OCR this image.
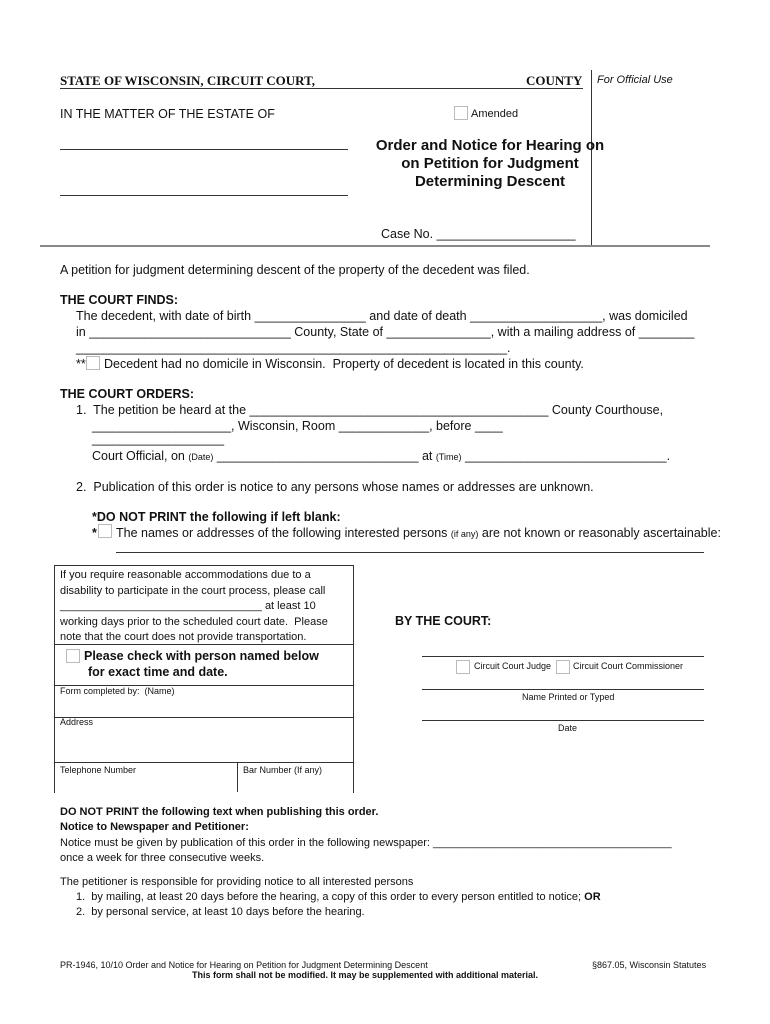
STATE OF WISCONSIN, CIRCUIT COURT,	COUNTY For Official Use
IN THE MATTER OF THE ESTATE OF	Amended
Order and Notice for Hearing on on Petition for Judgment Determining Descent
Case No. ____________________
A petition for judgment determining descent of the property of the decedent was filed.
THE COURT FINDS:
The decedent, with date of birth ________________ and date of death ___________________, was domiciled
in _____________________________ County, State of _______________, with a mailing address of ________
______________________________________________________________.
** Decedent had no domicile in Wisconsin.  Property of decedent is located in this county.
THE COURT ORDERS:
1.  The petition be heard at the ___________________________________________ County Courthouse,
____________________, Wisconsin, Room _____________, before ____
___________________
Court Official, on (Date) _____________________________ at (Time) _____________________________.
2.  Publication of this order is notice to any persons whose names or addresses are unknown.
*DO NOT PRINT the following if left blank:
* The names or addresses of the following interested persons (if any) are not known or reasonably ascertainable:
If you require reasonable accommodations due to a
disability to participate in the court process, please call
_________________________________ at least 10
working days prior to the scheduled court date.  Please
note that the court does not provide transportation.
Please check with person named below
for exact time and date.
Form completed by:  (Name)
Address
Telephone Number	Bar Number (If any)
BY THE COURT:
Circuit Court Judge Circuit Court Commissioner
Name Printed or Typed
Date
DO NOT PRINT the following text when publishing this order.
Notice to Newspaper and Petitioner:
Notice must be given by publication of this order in the following newspaper: _______________________________________
once a week for three consecutive weeks.
The petitioner is responsible for providing notice to all interested persons
1.  by mailing, at least 20 days before the hearing, a copy of this order to every person entitled to notice; OR
2.  by personal service, at least 10 days before the hearing.
PR-1946, 10/10 Order and Notice for Hearing on Petition for Judgment Determining Descent	§867.05, Wisconsin Statutes
This form shall not be modified. It may be supplemented with additional material.
